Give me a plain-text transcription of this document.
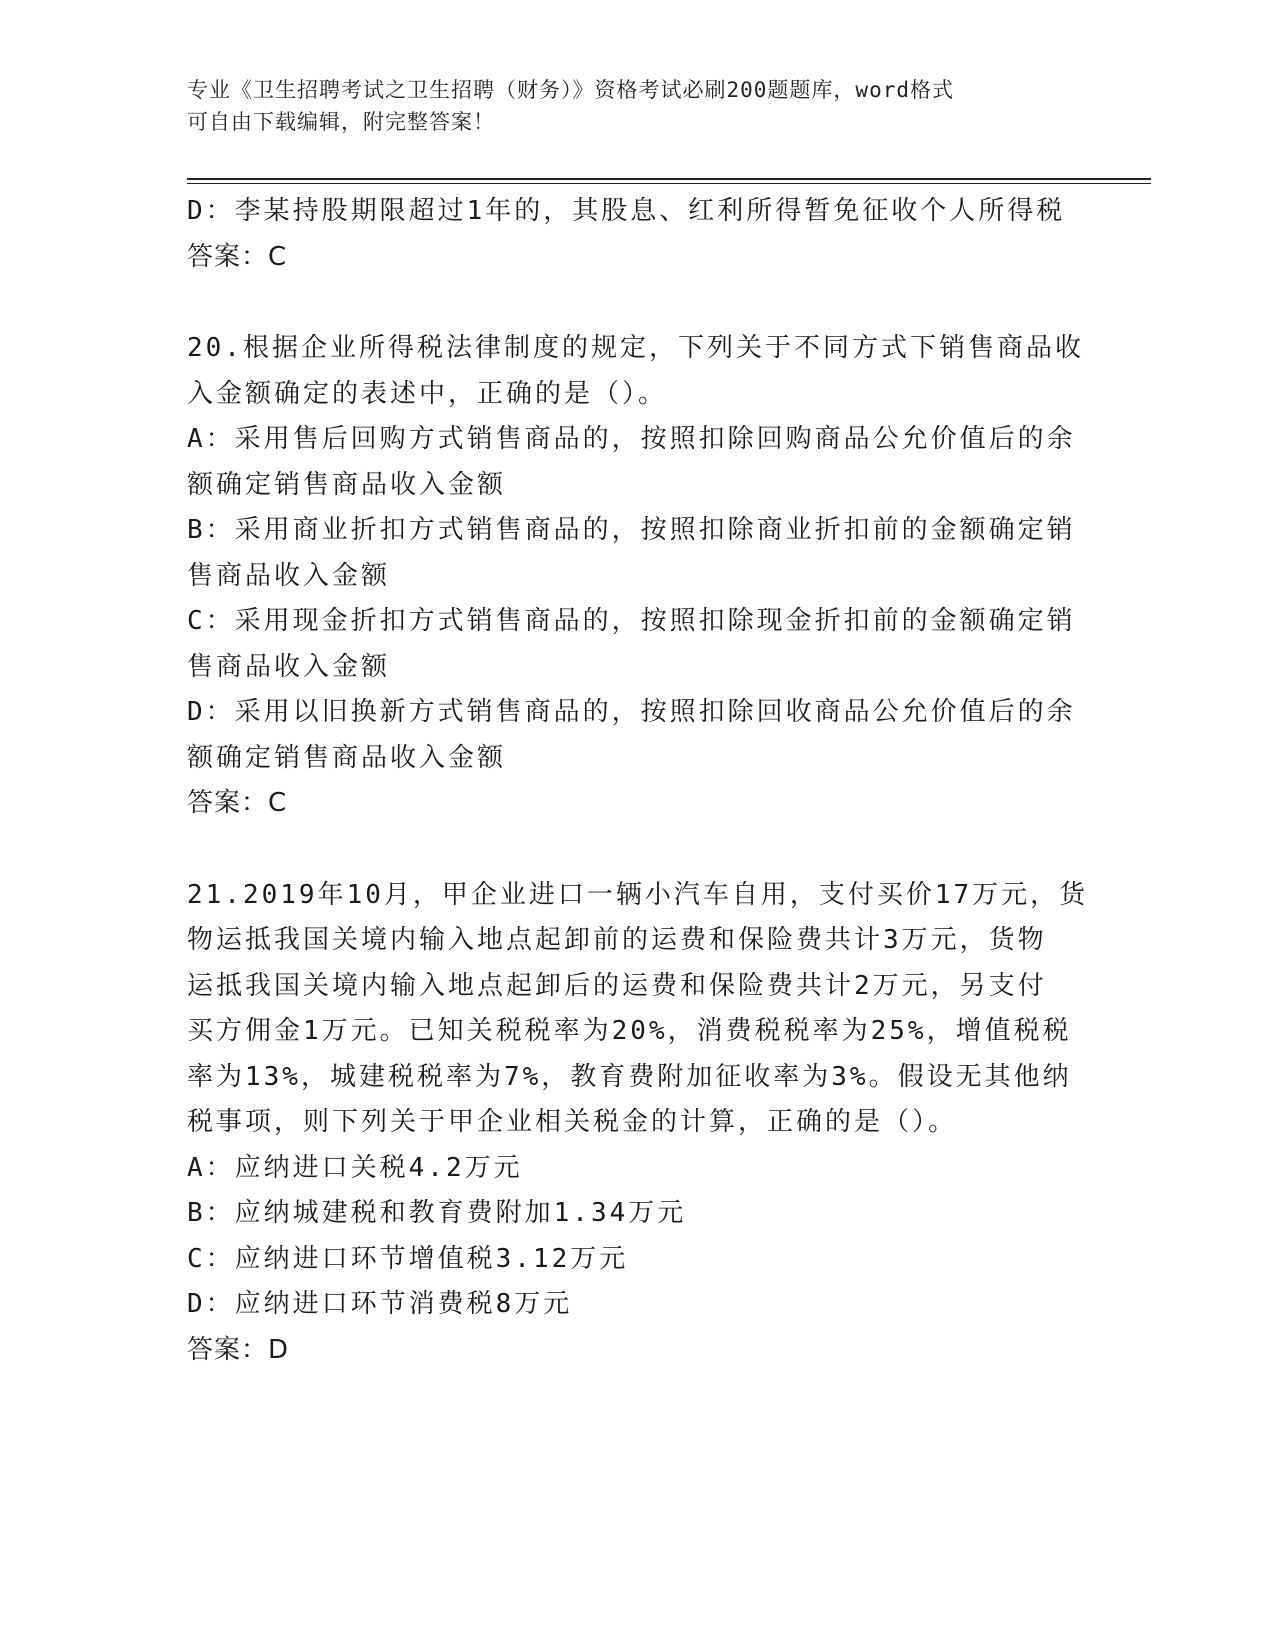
专业《卫生招聘考试之卫生招聘（财务）》资格考试必刷200题题库，word格式
可自由下载编辑，附完整答案！
D：李某持股期限超过1年的，其股息、红利所得暂免征收个人所得税
答案：C
20.根据企业所得税法律制度的规定，下列关于不同方式下销售商品收
入金额确定的表述中，正确的是（）。
A：采用售后回购方式销售商品的，按照扣除回购商品公允价值后的余
额确定销售商品收入金额
B：采用商业折扣方式销售商品的，按照扣除商业折扣前的金额确定销
售商品收入金额
C：采用现金折扣方式销售商品的，按照扣除现金折扣前的金额确定销
售商品收入金额
D：采用以旧换新方式销售商品的，按照扣除回收商品公允价值后的余
额确定销售商品收入金额
答案：C
21.2019年10月，甲企业进口一辆小汽车自用，支付买价17万元，货
物运抵我国关境内输入地点起卸前的运费和保险费共计3万元，货物
运抵我国关境内输入地点起卸后的运费和保险费共计2万元，另支付
买方佣金1万元。已知关税税率为20%，消费税税率为25%，增值税税
率为13%，城建税税率为7%，教育费附加征收率为3%。假设无其他纳
税事项，则下列关于甲企业相关税金的计算，正确的是（）。
A：应纳进口关税4.2万元
B：应纳城建税和教育费附加1.34万元
C：应纳进口环节增值税3.12万元
D：应纳进口环节消费税8万元
答案：D
